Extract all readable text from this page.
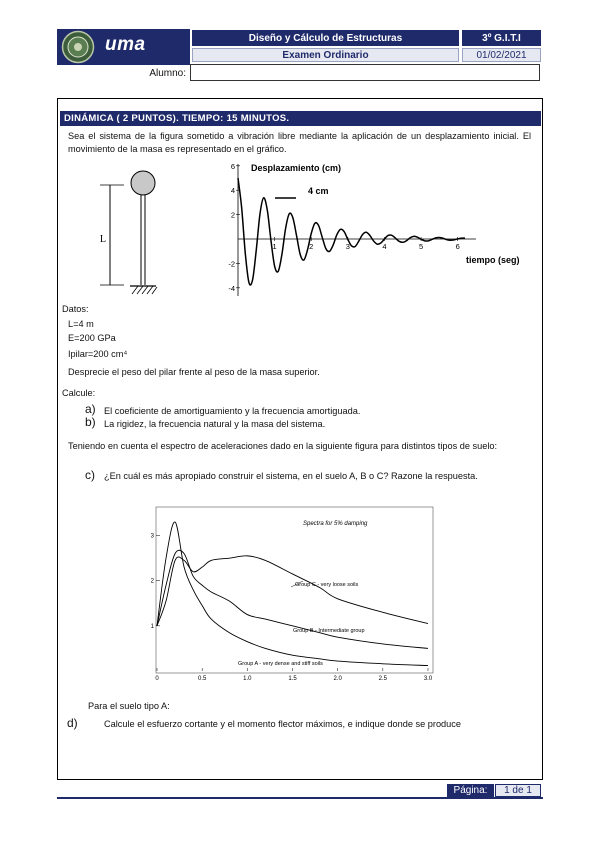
uma	Diseño y Cálculo de Estructuras	3º G.I.T.I
Examen Ordinario	01/02/2021
Alumno:
DINÁMICA ( 2 PUNTOS). TIEMPO: 15 MINUTOS.
Sea el sistema de la figura sometido a vibración libre mediante la aplicación de un desplazamiento inicial. El movimiento de la masa es representado en el gráfico.
L
1	2	3	4	5	6
6
4
2
-2
-4
Desplazamiento (cm)
4 cm
tiempo (seg)
Datos:
L=4 m
E=200 GPa
Ipilar=200 cm⁴
Desprecie el peso del pilar frente al peso de la masa superior.
Calcule:
a) El coeficiente de amortiguamiento y la frecuencia amortiguada.
b) La rigidez, la frecuencia natural y la masa del sistema.
Teniendo en cuenta el espectro de aceleraciones dado en la siguiente figura para distintos tipos de suelo:
c) ¿En cuál es más apropiado construir el sistema, en el suelo A, B o C? Razone la respuesta.
0	0.5	1.0	1.5	2.0	2.5	3.0
1
2
3
Spectra for 5% damping
Group C - very loose soils
Group B - Intermediate group
Group A - very dense and stiff soils
Para el suelo tipo A:
d)	Calcule el esfuerzo cortante y el momento flector máximos, e indique donde se produce
Página:	1 de 1
